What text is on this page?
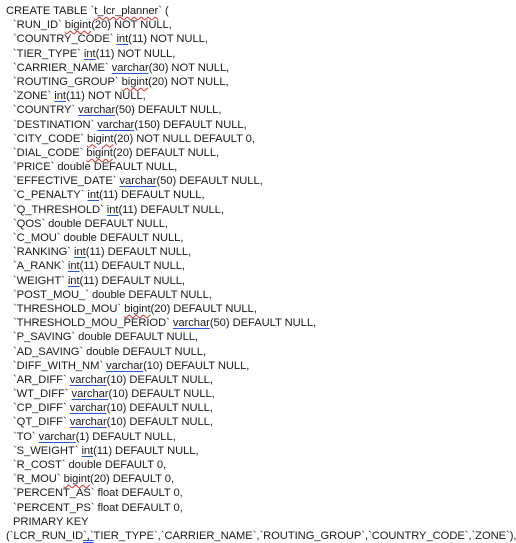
CREATE TABLE `t_lcr_planner` (
`RUN_ID` bigint(20) NOT NULL,
`COUNTRY_CODE` int(11) NOT NULL,
`TIER_TYPE` int(11) NOT NULL,
`CARRIER_NAME` varchar(30) NOT NULL,
`ROUTING_GROUP` bigint(20) NOT NULL,
`ZONE` int(11) NOT NULL,
`COUNTRY` varchar(50) DEFAULT NULL,
`DESTINATION` varchar(150) DEFAULT NULL,
`CITY_CODE` bigint(20) NOT NULL DEFAULT 0,
`DIAL_CODE` bigint(20) DEFAULT NULL,
`PRICE` double DEFAULT NULL,
`EFFECTIVE_DATE` varchar(50) DEFAULT NULL,
`C_PENALTY` int(11) DEFAULT NULL,
`Q_THRESHOLD` int(11) DEFAULT NULL,
`QOS` double DEFAULT NULL,
`C_MOU` double DEFAULT NULL,
`RANKING` int(11) DEFAULT NULL,
`A_RANK` int(11) DEFAULT NULL,
`WEIGHT` int(11) DEFAULT NULL,
`POST_MOU_` double DEFAULT NULL,
`THRESHOLD_MOU` bigint(20) DEFAULT NULL,
`THRESHOLD_MOU_PERIOD` varchar(50) DEFAULT NULL,
`P_SAVING` double DEFAULT NULL,
`AD_SAVING` double DEFAULT NULL,
`DIFF_WITH_NM` varchar(10) DEFAULT NULL,
`AR_DIFF` varchar(10) DEFAULT NULL,
`WT_DIFF` varchar(10) DEFAULT NULL,
`CP_DIFF` varchar(10) DEFAULT NULL,
`QT_DIFF` varchar(10) DEFAULT NULL,
`TO` varchar(1) DEFAULT NULL,
`S_WEIGHT` int(11) DEFAULT NULL,
`R_COST` double DEFAULT 0,
`R_MOU` bigint(20) DEFAULT 0,
`PERCENT_AS` float DEFAULT 0,
`PERCENT_PS` float DEFAULT 0,
PRIMARY KEY
(`LCR_RUN_ID`,`TIER_TYPE`,`CARRIER_NAME`,`ROUTING_GROUP`,`COUNTRY_CODE`,`ZONE`),
